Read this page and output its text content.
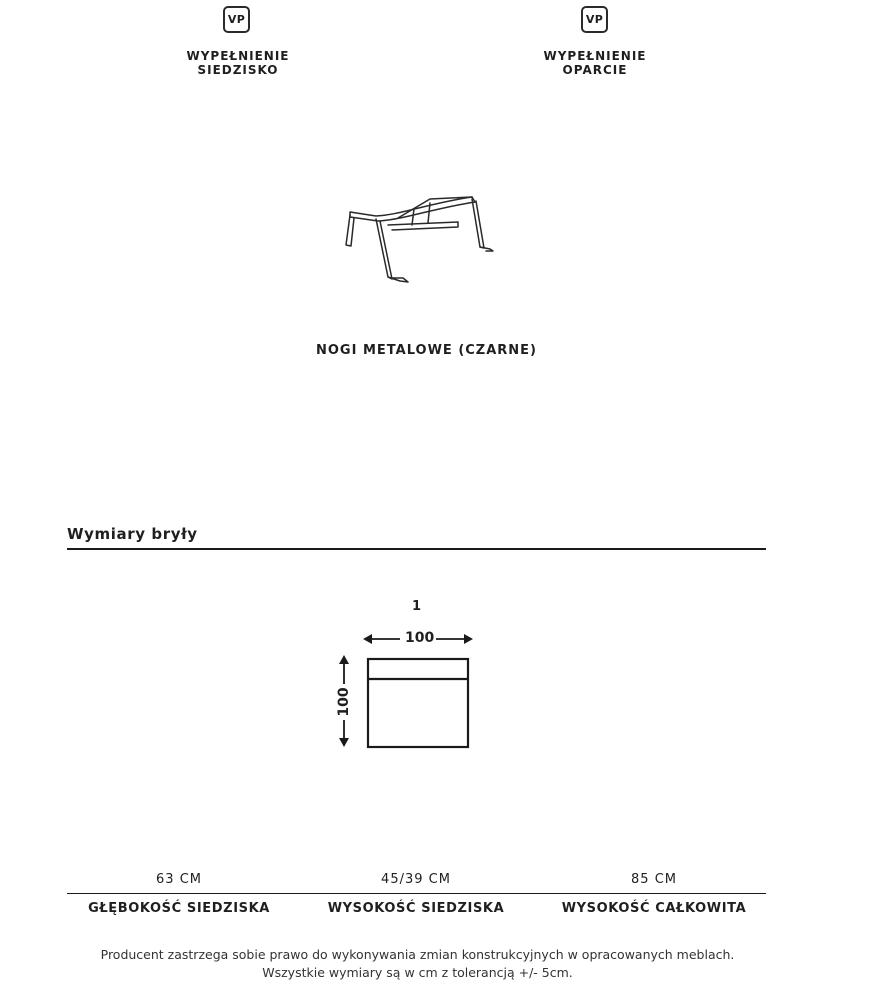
VP
WYPEŁNIENIE
SIEDZISKO
VP
WYPEŁNIENIE
OPARCIE
NOGI METALOWE (CZARNE)
Wymiary bryły
1
100
100
63 CM	45/39 CM	85 CM
GŁĘBOKOŚĆ SIEDZISKA	WYSOKOŚĆ SIEDZISKA	WYSOKOŚĆ CAŁKOWITA
Producent zastrzega sobie prawo do wykonywania zmian konstrukcyjnych w opracowanych meblach.
Wszystkie wymiary są w cm z tolerancją +/- 5cm.
